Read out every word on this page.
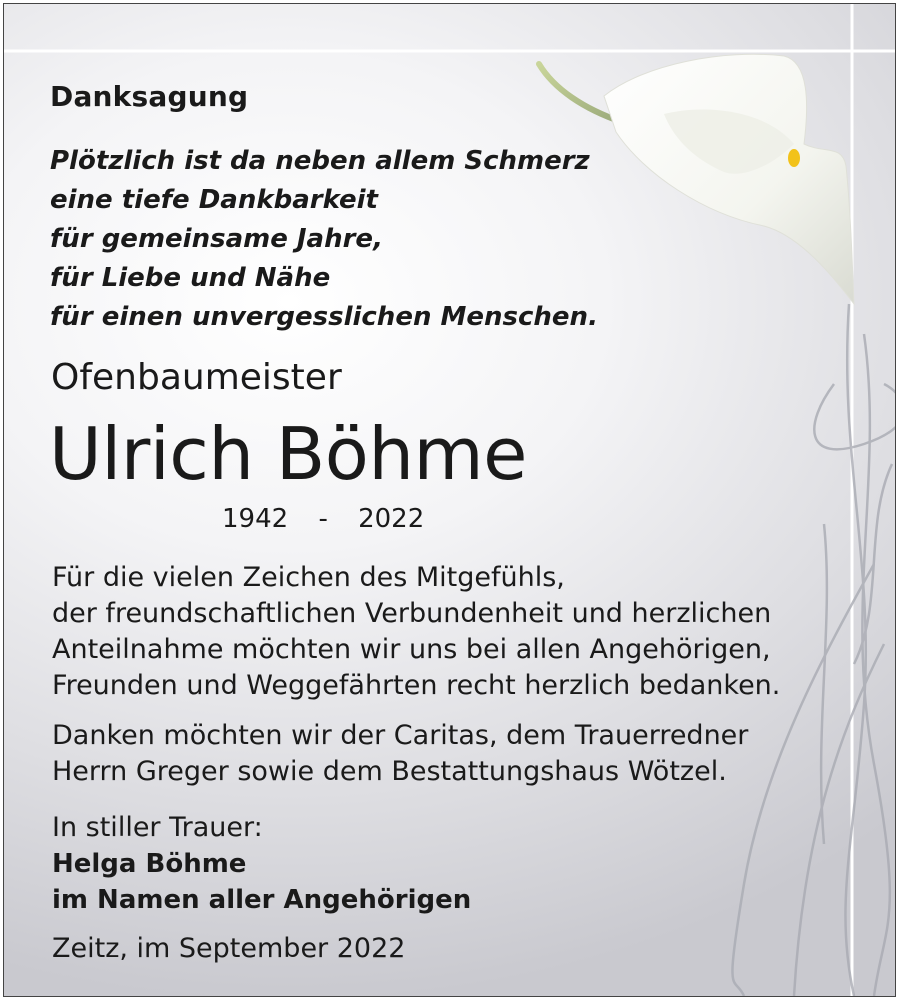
Danksagung
Plötzlich ist da neben allem Schmerz
eine tiefe Dankbarkeit
für gemeinsame Jahre,
für Liebe und Nähe
für einen unvergesslichen Menschen.
Ofenbaumeister
Ulrich Böhme
1942 - 2022
Für die vielen Zeichen des Mitgefühls,
der freundschaftlichen Verbundenheit und herzlichen
Anteilnahme möchten wir uns bei allen Angehörigen,
Freunden und Weggefährten recht herzlich bedanken.
Danken möchten wir der Caritas, dem Trauerredner
Herrn Greger sowie dem Bestattungshaus Wötzel.
In stiller Trauer:
Helga Böhme
im Namen aller Angehörigen
Zeitz, im September 2022
